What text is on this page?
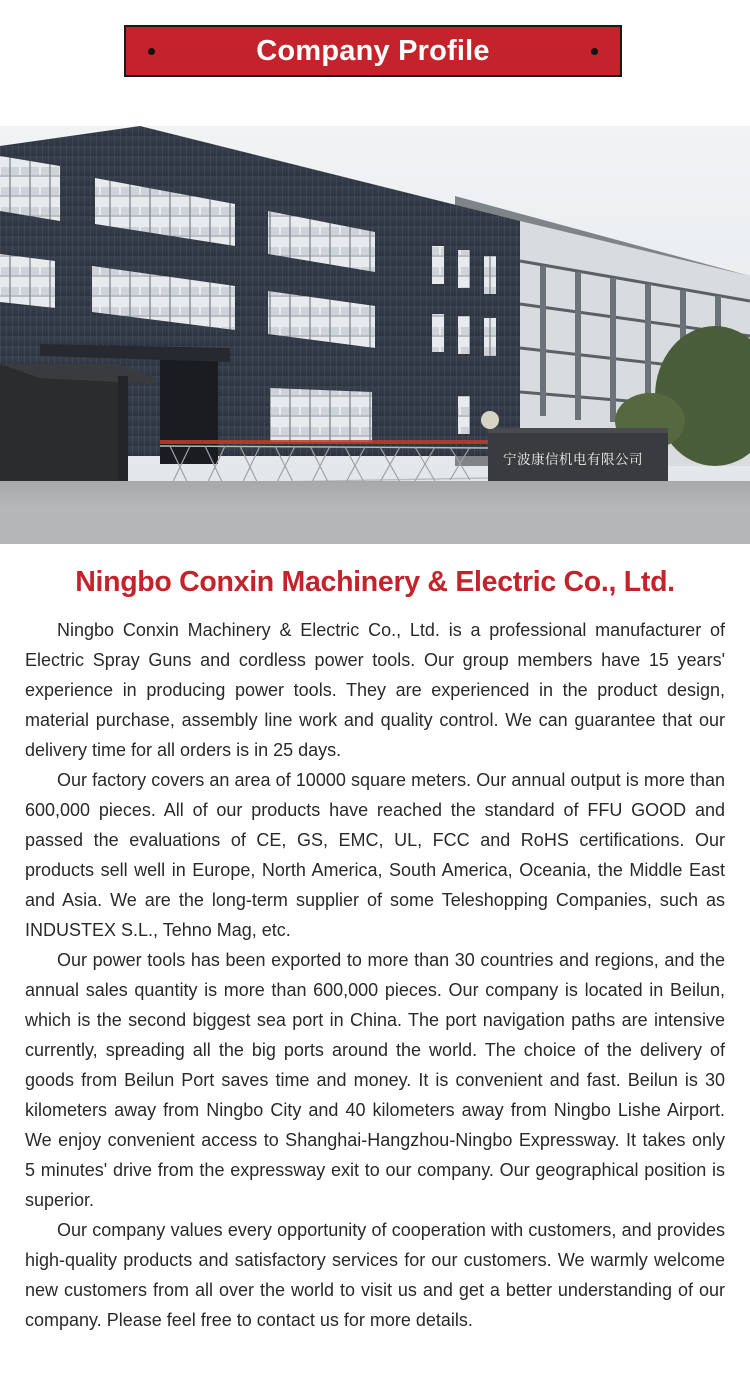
Company Profile
宁波康信机电有限公司
Ningbo Conxin Machinery & Electric Co., Ltd.

Ningbo Conxin Machinery & Electric Co., Ltd. is a professional manufacturer of Electric Spray Guns and cordless power tools. Our group members have 15 years' experience in producing power tools. They are experienced in the product design, material purchase, assembly line work and quality control. We can guarantee that our delivery time for all orders is in 25 days.

Our factory covers an area of 10000 square meters. Our annual output is more than 600,000 pieces. All of our products have reached the standard of FFU GOOD and passed the evaluations of CE, GS, EMC, UL, FCC and RoHS certifications. Our products sell well in Europe, North America, South America, Oceania, the Middle East and Asia. We are the long-term supplier of some Teleshopping Companies, such as INDUSTEX S.L., Tehno Mag, etc.

Our power tools has been exported to more than 30 countries and regions, and the annual sales quantity is more than 600,000 pieces. Our company is located in Beilun, which is the second biggest sea port in China. The port navigation paths are intensive currently, spreading all the big ports around the world. The choice of the delivery of goods from Beilun Port saves time and money. It is convenient and fast. Beilun is 30 kilometers away from Ningbo City and 40 kilometers away from Ningbo Lishe Airport. We enjoy convenient access to Shanghai-Hangzhou-Ningbo Expressway. It takes only 5 minutes' drive from the expressway exit to our company. Our geographical position is superior.

Our company values every opportunity of cooperation with customers, and provides high-quality products and satisfactory services for our customers. We warmly welcome new customers from all over the world to visit us and get a better understanding of our company. Please feel free to contact us for more details.
